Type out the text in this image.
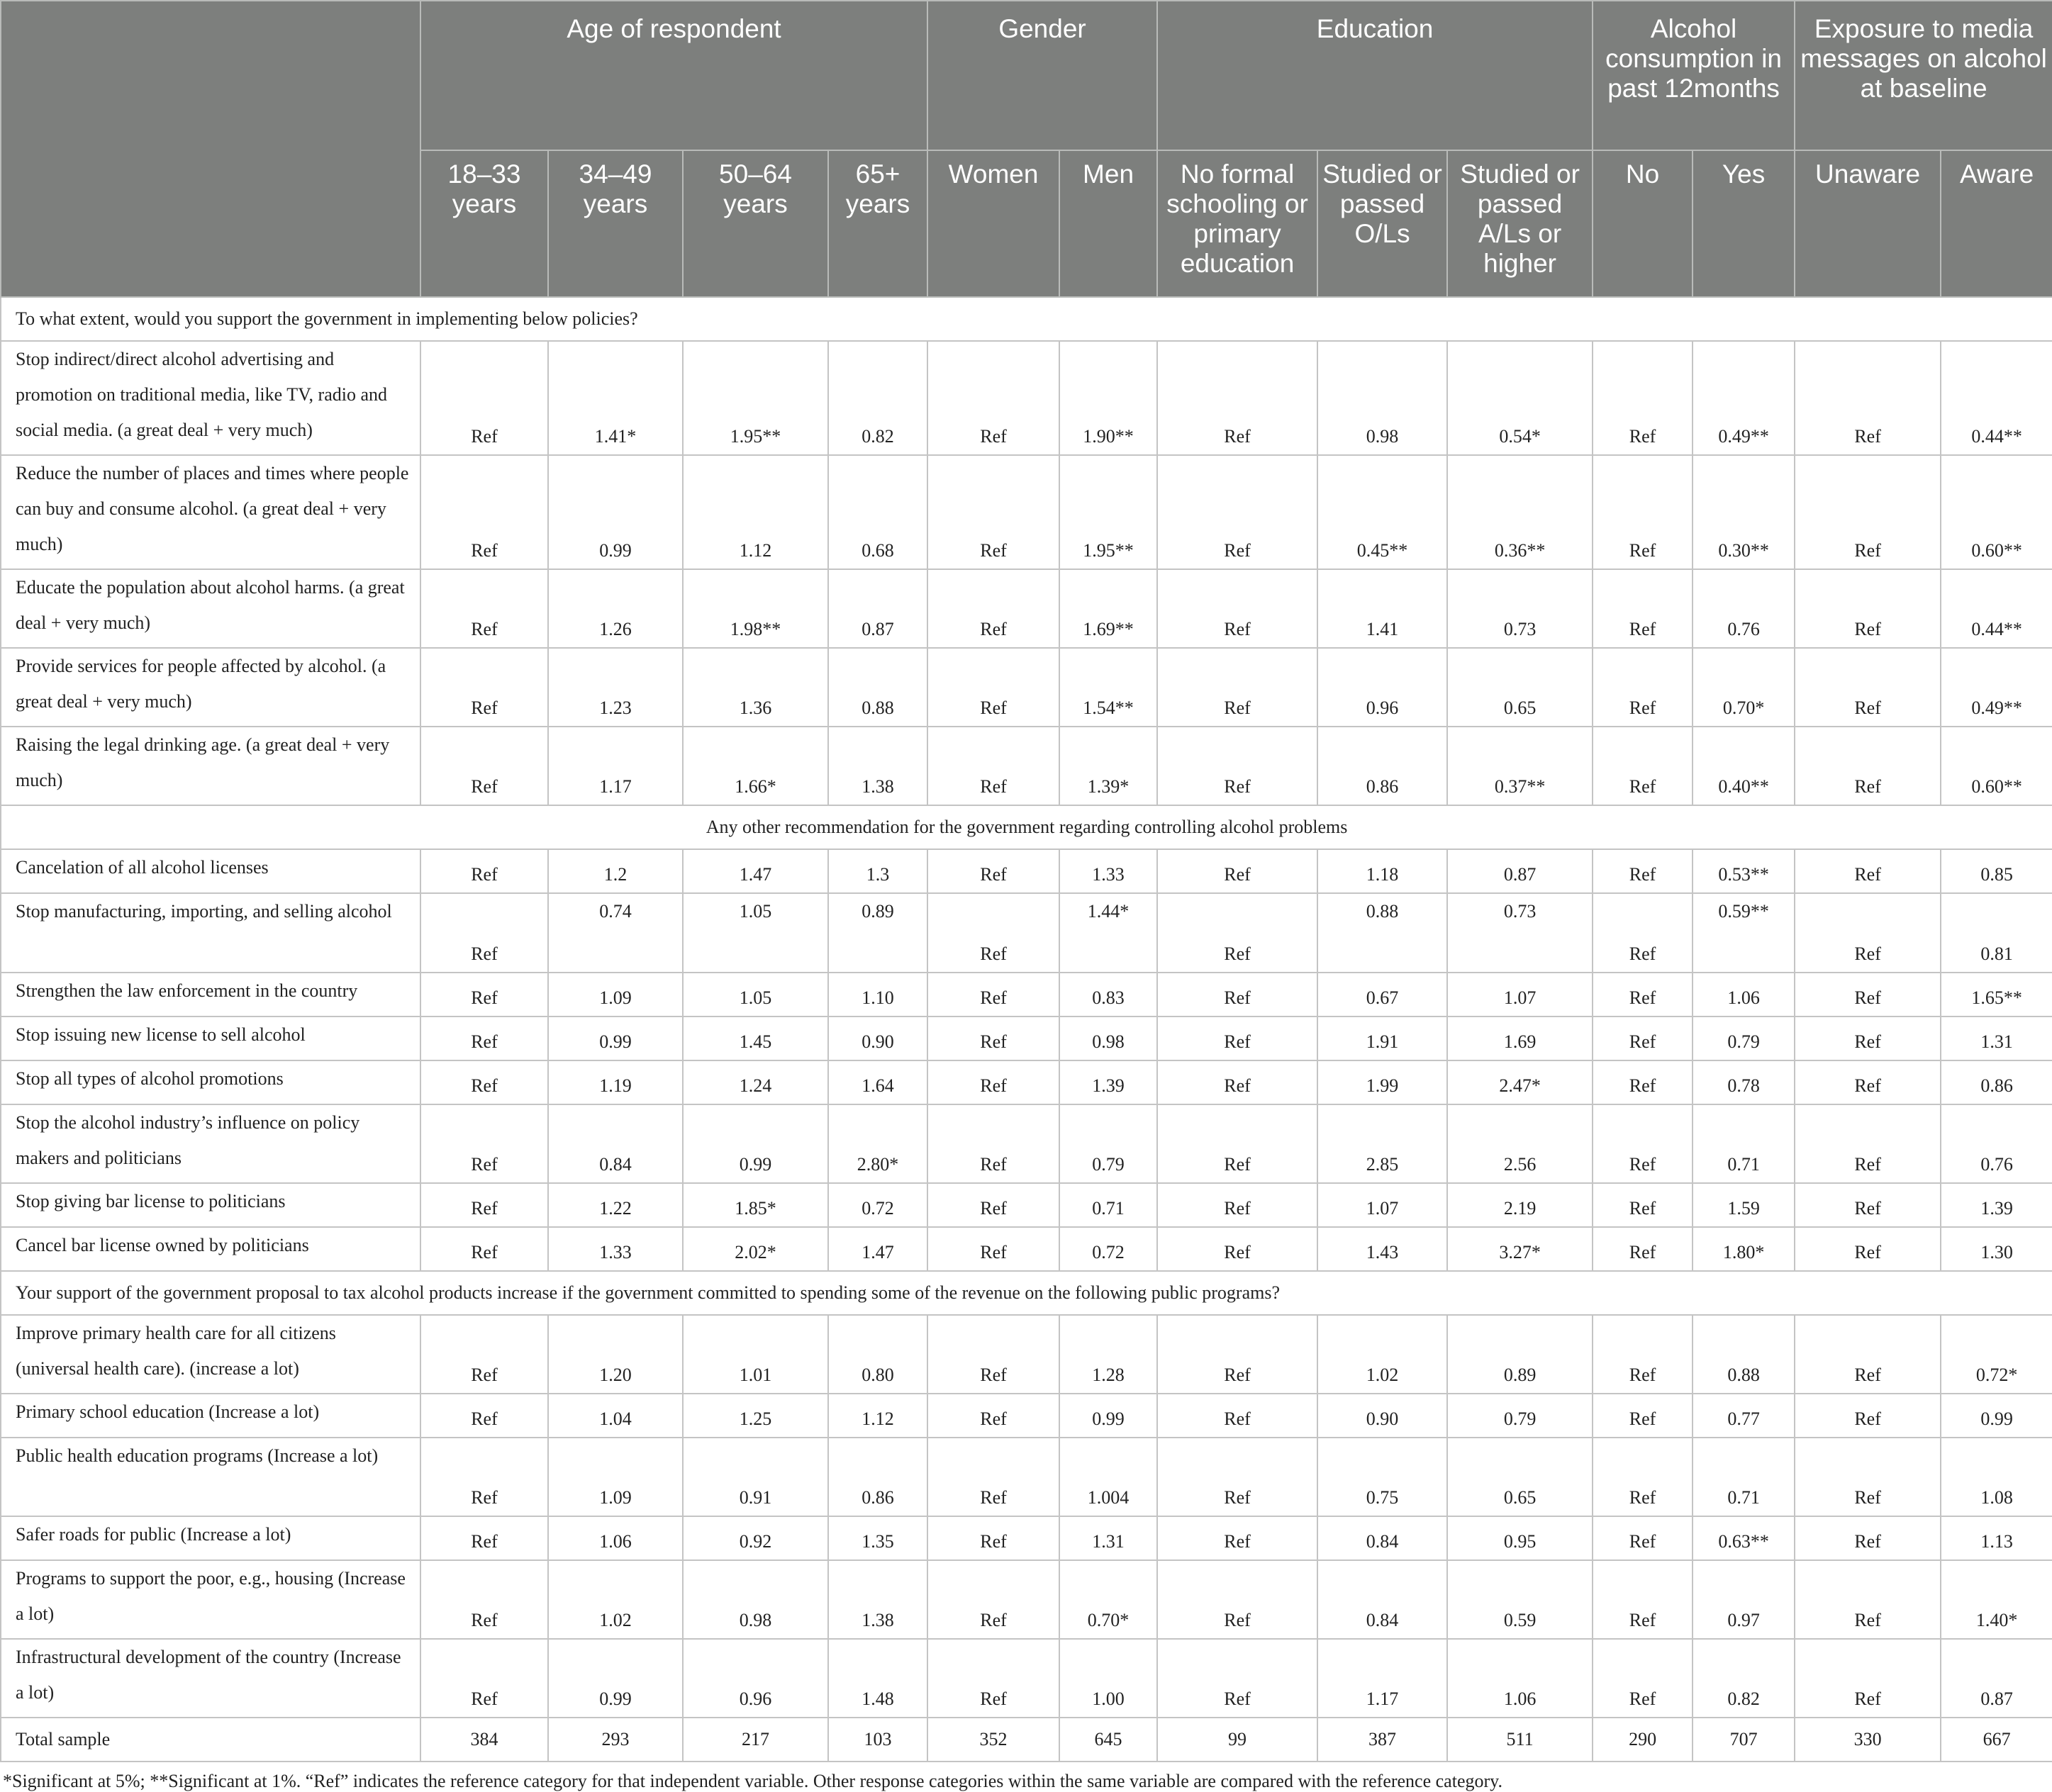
	Age of respondent				Gender		Education			Alcohol consumption in past 12months		Exposure to media messages on alcohol at baseline	
	18–33 years	34–49 years	50–64 years	65+ years	Women	Men	No formal schooling or primary education	Studied or passed O/Ls	Studied or passed A/Ls or higher	No	Yes	Unaware	Aware
To what extent, would you support the government in implementing below policies?													
Stop indirect/direct alcohol advertising and promotion on traditional media, like TV, radio and social media. (a great deal + very much)	Ref	1.41*	1.95**	0.82	Ref	1.90**	Ref	0.98	0.54*	Ref	0.49**	Ref	0.44**
Reduce the number of places and times where people can buy and consume alcohol. (a great deal + very much)	Ref	0.99	1.12	0.68	Ref	1.95**	Ref	0.45**	0.36**	Ref	0.30**	Ref	0.60**
Educate the population about alcohol harms. (a great deal + very much)	Ref	1.26	1.98**	0.87	Ref	1.69**	Ref	1.41	0.73	Ref	0.76	Ref	0.44**
Provide services for people affected by alcohol. (a great deal + very much)	Ref	1.23	1.36	0.88	Ref	1.54**	Ref	0.96	0.65	Ref	0.70*	Ref	0.49**
Raising the legal drinking age. (a great deal + very much)	Ref	1.17	1.66*	1.38	Ref	1.39*	Ref	0.86	0.37**	Ref	0.40**	Ref	0.60**
Any other recommendation for the government regarding controlling alcohol problems													
Cancelation of all alcohol licenses	Ref	1.2	1.47	1.3	Ref	1.33	Ref	1.18	0.87	Ref	0.53**	Ref	0.85
Stop manufacturing, importing, and selling alcohol	Ref	0.74	1.05	0.89	Ref	1.44*	Ref	0.88	0.73	Ref	0.59**	Ref	0.81
Strengthen the law enforcement in the country	Ref	1.09	1.05	1.10	Ref	0.83	Ref	0.67	1.07	Ref	1.06	Ref	1.65**
Stop issuing new license to sell alcohol	Ref	0.99	1.45	0.90	Ref	0.98	Ref	1.91	1.69	Ref	0.79	Ref	1.31
Stop all types of alcohol promotions	Ref	1.19	1.24	1.64	Ref	1.39	Ref	1.99	2.47*	Ref	0.78	Ref	0.86
Stop the alcohol industry’s influence on policy makers and politicians	Ref	0.84	0.99	2.80*	Ref	0.79	Ref	2.85	2.56	Ref	0.71	Ref	0.76
Stop giving bar license to politicians	Ref	1.22	1.85*	0.72	Ref	0.71	Ref	1.07	2.19	Ref	1.59	Ref	1.39
Cancel bar license owned by politicians	Ref	1.33	2.02*	1.47	Ref	0.72	Ref	1.43	3.27*	Ref	1.80*	Ref	1.30
Your support of the government proposal to tax alcohol products increase if the government committed to spending some of the revenue on the following public programs?													
Improve primary health care for all citizens (universal health care). (increase a lot)	Ref	1.20	1.01	0.80	Ref	1.28	Ref	1.02	0.89	Ref	0.88	Ref	0.72*
Primary school education (Increase a lot)	Ref	1.04	1.25	1.12	Ref	0.99	Ref	0.90	0.79	Ref	0.77	Ref	0.99
Public health education programs (Increase a lot)	Ref	1.09	0.91	0.86	Ref	1.004	Ref	0.75	0.65	Ref	0.71	Ref	1.08
Safer roads for public (Increase a lot)	Ref	1.06	0.92	1.35	Ref	1.31	Ref	0.84	0.95	Ref	0.63**	Ref	1.13
Programs to support the poor, e.g., housing (Increase a lot)	Ref	1.02	0.98	1.38	Ref	0.70*	Ref	0.84	0.59	Ref	0.97	Ref	1.40*
Infrastructural development of the country (Increase a lot)	Ref	0.99	0.96	1.48	Ref	1.00	Ref	1.17	1.06	Ref	0.82	Ref	0.87
Total sample	384	293	217	103	352	645	99	387	511	290	707	330	667
*Significant at 5%; **Significant at 1%. “Ref” indicates the reference category for that independent variable. Other response categories within the same variable are compared with the reference category.
